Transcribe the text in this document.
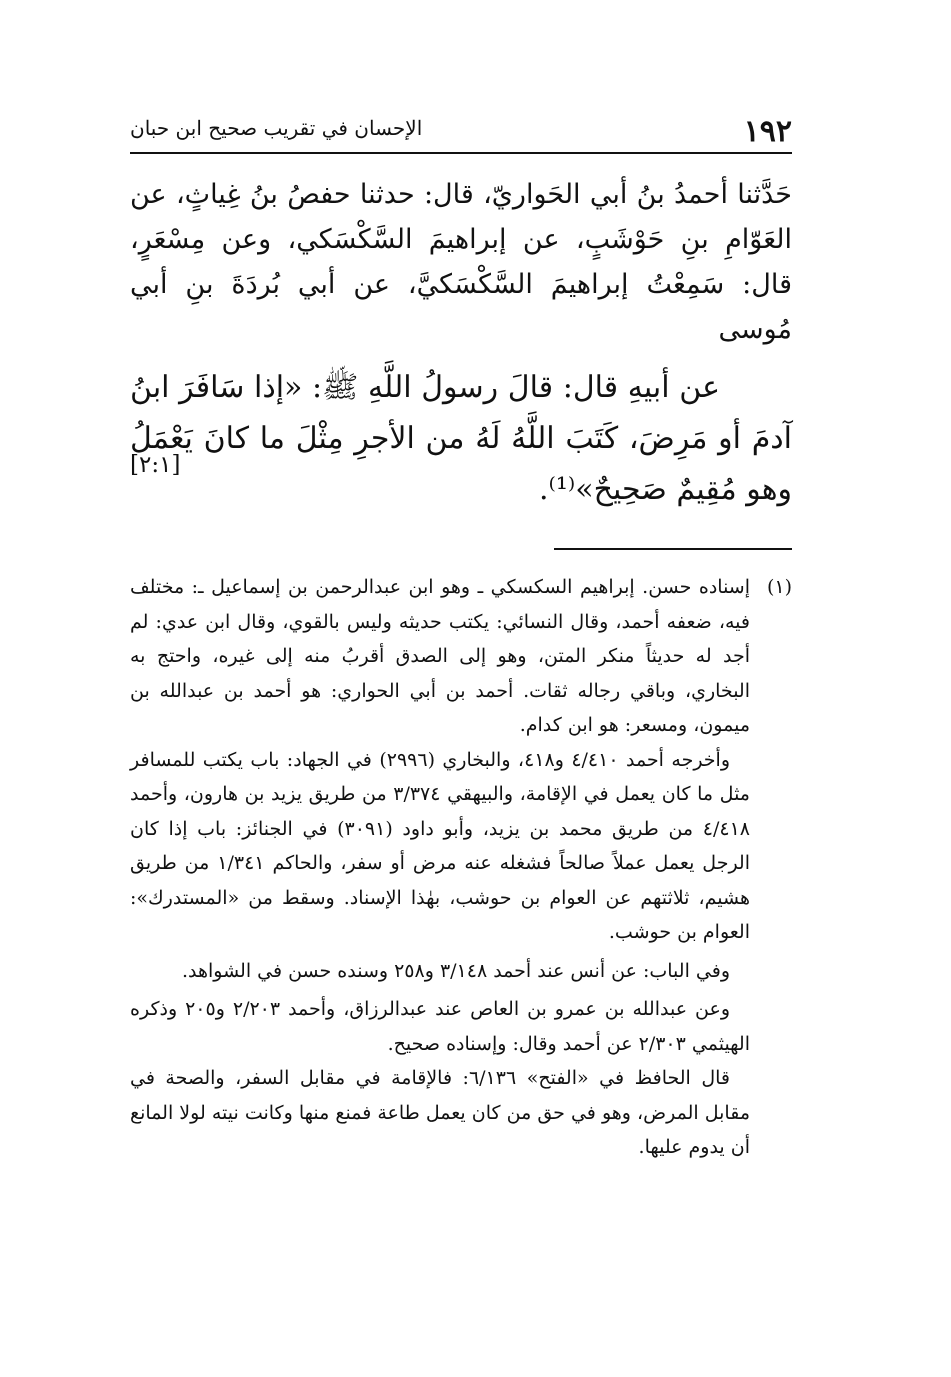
١٩٢
الإحسان في تقريب صحيح ابن حبان

حَدَّثنا أحمدُ بنُ أبي الحَواريّ، قال: حدثنا حفصُ بنُ غِياثٍ، عن العَوّامِ بنِ حَوْشَبٍ، عن إبراهيمَ السَّكْسَكي، وعن مِسْعَرٍ، قال: سَمِعْتُ إبراهيمَ السَّكْسَكيَّ، عن أبي بُردَةَ بنِ أبي مُوسى

عن أبيهِ قال: قالَ رسولُ اللَّهِ ﷺ: «إذا سَافَرَ ابنُ آدمَ أو مَرِضَ، كَتَبَ اللَّهُ لَهُ من الأجرِ مِثْلَ ما كانَ يَعْمَلُ وهو مُقِيمٌ صَحِيحٌ»⁽¹⁾.

[٢:١]
(١)
إسناده حسن. إبراهيم السكسكي ـ وهو ابن عبدالرحمن بن إسماعيل ـ: مختلف فيه، ضعفه أحمد، وقال النسائي: يكتب حديثه وليس بالقوي، وقال ابن عدي: لم أجد له حديثاً منكر المتن، وهو إلى الصدق أقربُ منه إلى غيره، واحتج به البخاري، وباقي رجاله ثقات. أحمد بن أبي الحواري: هو أحمد بن عبدالله بن ميمون، ومسعر: هو ابن كدام.

وأخرجه أحمد ٤/٤١٠ و٤١٨، والبخاري (٢٩٩٦) في الجهاد: باب يكتب للمسافر مثل ما كان يعمل في الإقامة، والبيهقي ٣/٣٧٤ من طريق يزيد بن هارون، وأحمد ٤/٤١٨ من طريق محمد بن يزيد، وأبو داود (٣٠٩١) في الجنائز: باب إذا كان الرجل يعمل عملاً صالحاً فشغله عنه مرض أو سفر، والحاكم ١/٣٤١ من طريق هشيم، ثلاثتهم عن العوام بن حوشب، بهٰذا الإسناد. وسقط من «المستدرك»: العوام بن حوشب.

وفي الباب: عن أنس عند أحمد ٣/١٤٨ و٢٥٨ وسنده حسن في الشواهد.

وعن عبدالله بن عمرو بن العاص عند عبدالرزاق، وأحمد ٢/٢٠٣ و٢٠٥ وذكره الهيثمي ٢/٣٠٣ عن أحمد وقال: وإسناده صحيح.

قال الحافظ في «الفتح» ٦/١٣٦: فالإقامة في مقابل السفر، والصحة في مقابل المرض، وهو في حق من كان يعمل طاعة فمنع منها وكانت نيته لولا المانع أن يدوم عليها.
